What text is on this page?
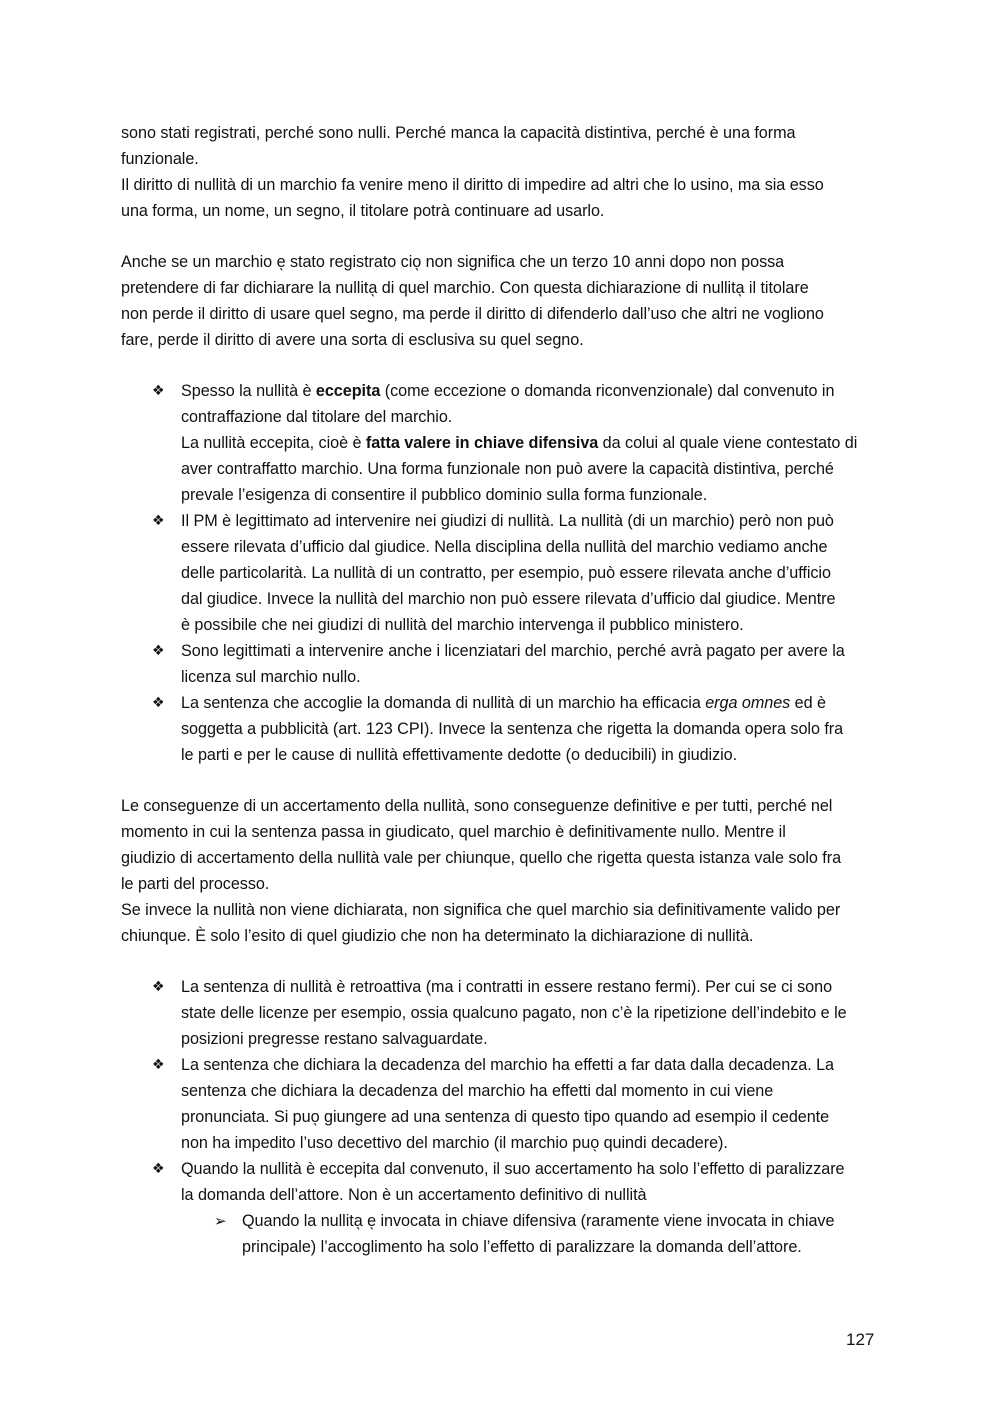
sono stati registrati, perché sono nulli. Perché manca la capacità distintiva, perché è una forma
funzionale.
Il diritto di nullità di un marchio fa venire meno il diritto di impedire ad altri che lo usino, ma sia esso
una forma, un nome, un segno, il titolare potrà continuare ad usarlo.
Anche se un marchio e̖ stato registrato cio̖ non significa che un terzo 10 anni dopo non possa
pretendere di far dichiarare la nullita̖ di quel marchio. Con questa dichiarazione di nullita̖ il titolare
non perde il diritto di usare quel segno, ma perde il diritto di difenderlo dall’uso che altri ne vogliono
fare, perde il diritto di avere una sorta di esclusiva su quel segno.
❖ Spesso la nullità è eccepita (come eccezione o domanda riconvenzionale) dal convenuto in
contraffazione dal titolare del marchio.
La nullità eccepita, cioè è fatta valere in chiave difensiva da colui al quale viene contestato di
aver contraffatto marchio. Una forma funzionale non può avere la capacità distintiva, perché
prevale l’esigenza di consentire il pubblico dominio sulla forma funzionale.
❖ Il PM è legittimato ad intervenire nei giudizi di nullità. La nullità (di un marchio) però non può
essere rilevata d’ufficio dal giudice. Nella disciplina della nullità del marchio vediamo anche
delle particolarità. La nullità di un contratto, per esempio, può essere rilevata anche d’ufficio
dal giudice. Invece la nullità del marchio non può essere rilevata d’ufficio dal giudice. Mentre
è possibile che nei giudizi di nullità del marchio intervenga il pubblico ministero.
❖ Sono legittimati a intervenire anche i licenziatari del marchio, perché avrà pagato per avere la
licenza sul marchio nullo.
❖ La sentenza che accoglie la domanda di nullità di un marchio ha efficacia erga omnes ed è
soggetta a pubblicità (art. 123 CPI). Invece la sentenza che rigetta la domanda opera solo fra
le parti e per le cause di nullità effettivamente dedotte (o deducibili) in giudizio.
Le conseguenze di un accertamento della nullità, sono conseguenze definitive e per tutti, perché nel
momento in cui la sentenza passa in giudicato, quel marchio è definitivamente nullo. Mentre il
giudizio di accertamento della nullità vale per chiunque, quello che rigetta questa istanza vale solo fra
le parti del processo.
Se invece la nullità non viene dichiarata, non significa che quel marchio sia definitivamente valido per
chiunque. È solo l’esito di quel giudizio che non ha determinato la dichiarazione di nullità.
❖ La sentenza di nullità è retroattiva (ma i contratti in essere restano fermi). Per cui se ci sono
state delle licenze per esempio, ossia qualcuno pagato, non c’è la ripetizione dell’indebito e le
posizioni pregresse restano salvaguardate.
❖ La sentenza che dichiara la decadenza del marchio ha effetti a far data dalla decadenza. La
sentenza che dichiara la decadenza del marchio ha effetti dal momento in cui viene
pronunciata. Si puo̖ giungere ad una sentenza di questo tipo quando ad esempio il cedente
non ha impedito l’uso decettivo del marchio (il marchio puo̖ quindi decadere).
❖ Quando la nullità è eccepita dal convenuto, il suo accertamento ha solo l’effetto di paralizzare
la domanda dell’attore. Non è un accertamento definitivo di nullità
➢ Quando la nullita̖ e̖ invocata in chiave difensiva (raramente viene invocata in chiave
principale) l’accoglimento ha solo l’effetto di paralizzare la domanda dell’attore.
127
